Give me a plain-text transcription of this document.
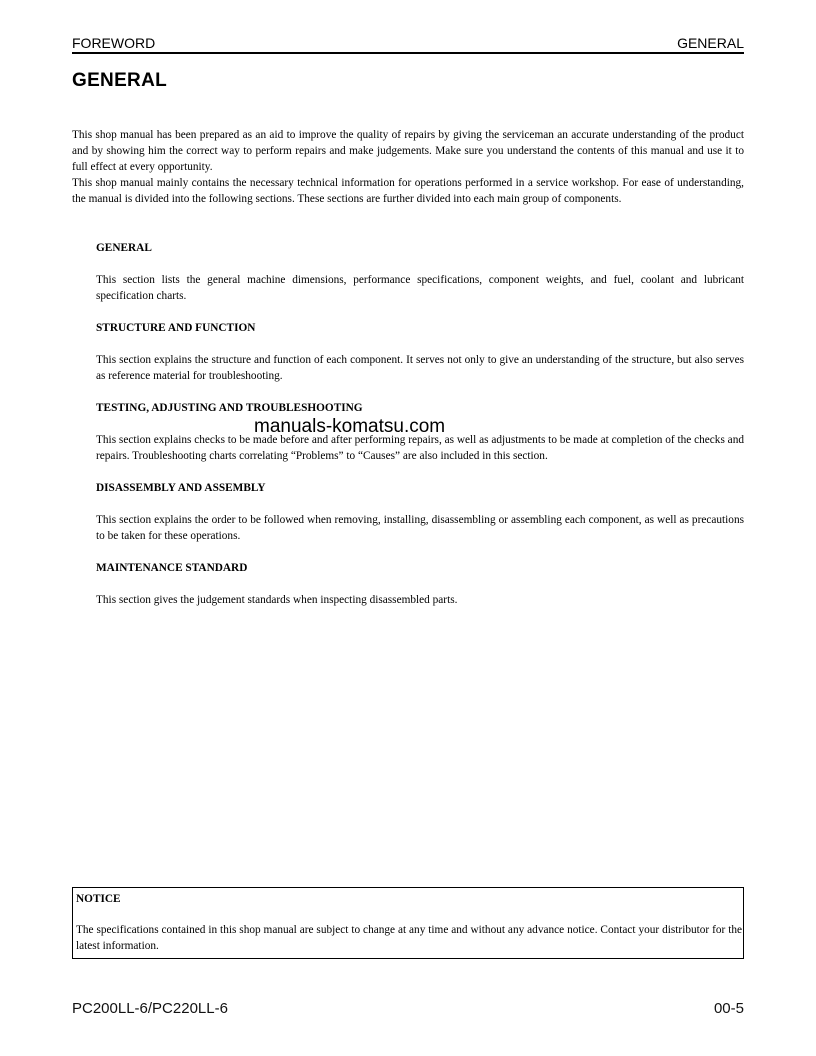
FOREWORD	GENERAL
GENERAL

This shop manual has been prepared as an aid to improve the quality of repairs by giving the serviceman an accurate understanding of the product and by showing him the correct way to perform repairs and make judgements. Make sure you understand the contents of this manual and use it to full effect at every opportunity.

This shop manual mainly contains the necessary technical information for operations performed in a service workshop. For ease of understanding, the manual is divided into the following sections. These sections are further divided into each main group of components.

GENERAL

This section lists the general machine dimensions, performance specifications, component weights, and fuel, coolant and lubricant specification charts.

STRUCTURE AND FUNCTION

This section explains the structure and function of each component. It serves not only to give an understanding of the structure, but also serves as reference material for troubleshooting.

TESTING, ADJUSTING AND TROUBLESHOOTING

This section explains checks to be made before and after performing repairs, as well as adjustments to be made at completion of the checks and repairs. Troubleshooting charts correlating “Problems” to “Causes” are also included in this section.

DISASSEMBLY AND ASSEMBLY

This section explains the order to be followed when removing, installing, disassembling or assembling each component, as well as precautions to be taken for these operations.

MAINTENANCE STANDARD

This section gives the judgement standards when inspecting disassembled parts.

manuals-komatsu.com
NOTICE

The specifications contained in this shop manual are subject to change at any time and without any advance notice. Contact your distributor for the latest information.

PC200LL-6/PC220LL-6	00-5
